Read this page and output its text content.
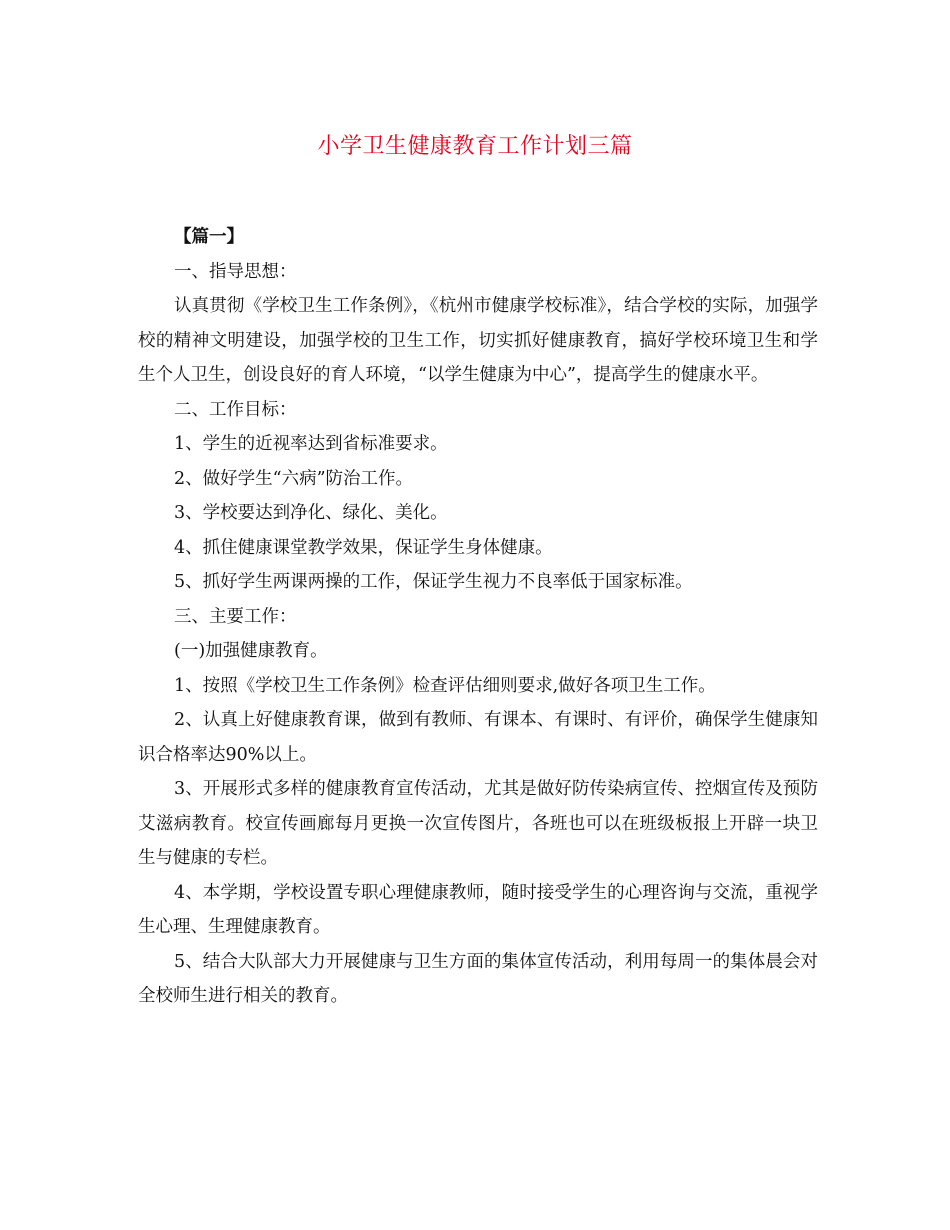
小学卫生健康教育工作计划三篇

【篇一】

一、指导思想：

认真贯彻《学校卫生工作条例》，《杭州市健康学校标准》，结合学校的实际，加强学校的精神文明建设，加强学校的卫生工作，切实抓好健康教育，搞好学校环境卫生和学生个人卫生，创设良好的育人环境，“以学生健康为中心”，提高学生的健康水平。

二、工作目标：

1、学生的近视率达到省标准要求。

2、做好学生“六病”防治工作。

3、学校要达到净化、绿化、美化。

4、抓住健康课堂教学效果，保证学生身体健康。

5、抓好学生两课两操的工作，保证学生视力不良率低于国家标准。

三、主要工作：

(一)加强健康教育。

1、按照《学校卫生工作条例》检查评估细则要求,做好各项卫生工作。

2、认真上好健康教育课，做到有教师、有课本、有课时、有评价，确保学生健康知识合格率达90%以上。

3、开展形式多样的健康教育宣传活动，尤其是做好防传染病宣传、控烟宣传及预防艾滋病教育。校宣传画廊每月更换一次宣传图片，各班也可以在班级板报上开辟一块卫生与健康的专栏。

4、本学期，学校设置专职心理健康教师，随时接受学生的心理咨询与交流，重视学生心理、生理健康教育。

5、结合大队部大力开展健康与卫生方面的集体宣传活动，利用每周一的集体晨会对全校师生进行相关的教育。
